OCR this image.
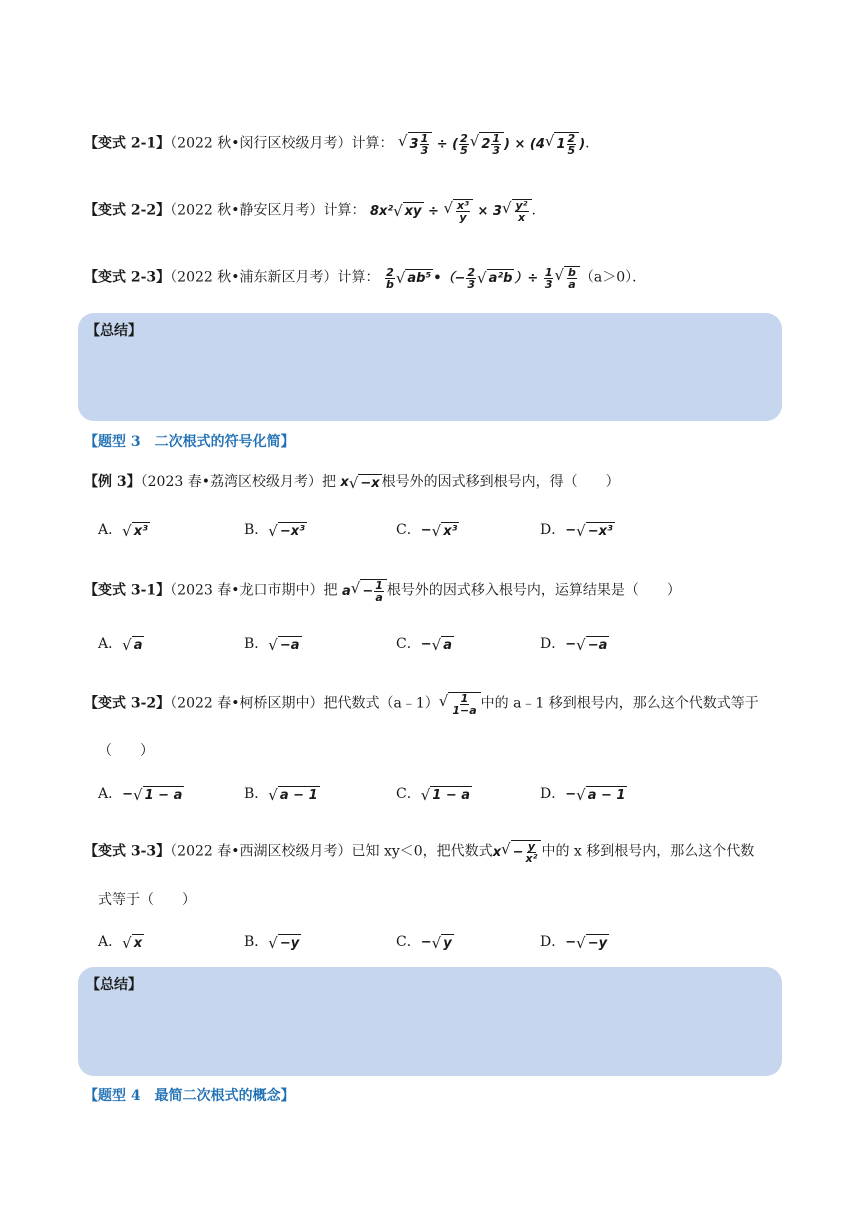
【变式 2-1】（2022 秋•闵行区校级月考）计算： √ $3 \frac{1}{3}$ ÷ ( $\frac{2}{5}$ √ $2 \frac{1}{3}$ ) × (4 √ $1 \frac{2}{5}$ ).
【变式 2-2】（2022 秋•静安区月考）计算： 8x² √ xy ÷ √ $\frac{\text{x³}}{y} \times 3$ √ $\frac{\text{y²}}{x}$ .
【变式 2-3】（2022 秋•浦东新区月考）计算： $\frac{2}{b}$ √ ab⁵ •（− $\frac{2}{3}$ √ a²b ）÷ $\frac{1}{3}$ √ $\frac{b}{a} (a>0)$．
【总结】
【题型 3　二次根式的符号化简】
【例 3】（2023 春•荔湾区校级月考）把 x √ −x 根号外的因式移到根号内，得（　　）
A． √ x³	B． √ −x³	C．− √ x³	D．− √ −x³
【变式 3-1】（2023 春•龙口市期中）把 a √ − $\frac{1}{a}$ 根号外的因式移入根号内，运算结果是（　　）
A． √ a	B． √ −a	C．− √ a	D．− √ −a
【变式 3-2】（2022 春•柯桥区期中）把代数式（a﹣1） √ $\frac{1}{1-a}$ 中的 a﹣1 移到根号内，那么这个代数式等于
（　　）
A．− √ 1 − a	B． √ a − 1	C． √ 1 − a	D．− √ a − 1
【变式 3-3】（2022 春•西湖区校级月考）已知 xy＜0，把代数式x √ − $\frac{y}{\text{x²}}$ 中的 x 移到根号内，那么这个代数
式等于（　　）
A． √ x	B． √ −y	C．− √ y	D．− √ −y
【总结】
【题型 4　最简二次根式的概念】
